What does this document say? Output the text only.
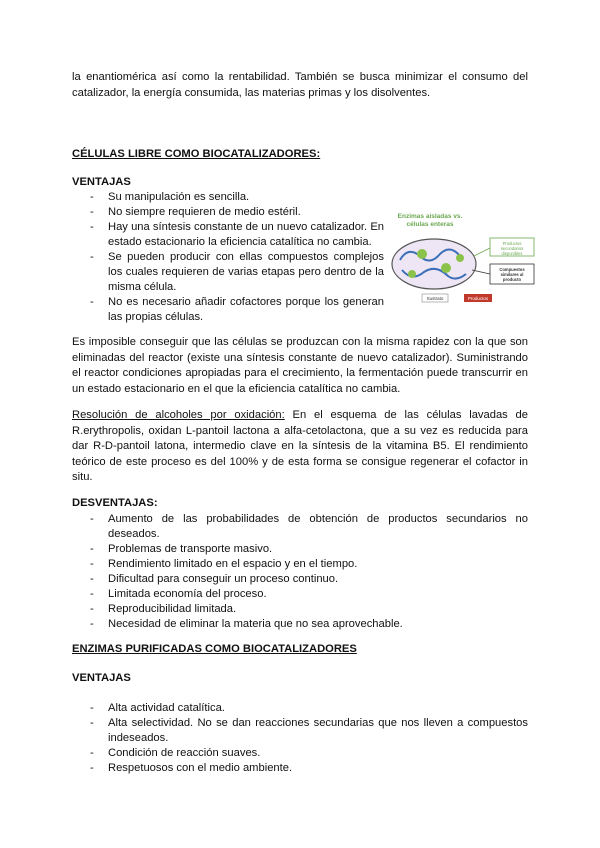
la enantiomérica así como la rentabilidad. También se busca minimizar el consumo del catalizador, la energía consumida, las materias primas y los disolventes.

CÉLULAS LIBRE COMO BIOCATALIZADORES:

VENTAJAS

- Su manipulación es sencilla.
- No siempre requieren de medio estéril.
- Hay una síntesis constante de un nuevo catalizador. En estado estacionario la eficiencia catalítica no cambia.
- Se pueden producir con ellas compuestos complejos los cuales requieren de varias etapas pero dentro de la misma célula.
- No es necesario añadir cofactores porque los generan las propias células.
Enzimas aisladas vs.
células enteras
Productos
secundarios
disponibles
Compuestos
similares al
producto
Sustrato	Productos

Es imposible conseguir que las células se produzcan con la misma rapidez con la que son eliminadas del reactor (existe una síntesis constante de nuevo catalizador). Suministrando el reactor condiciones apropiadas para el crecimiento, la fermentación puede transcurrir en un estado estacionario en el que la eficiencia catalítica no cambia.

Resolución de alcoholes por oxidación: En el esquema de las células lavadas de R.erythropolis, oxidan L-pantoil lactona a alfa-cetolactona, que a su vez es reducida para dar R-D-pantoil latona, intermedio clave en la síntesis de la vitamina B5. El rendimiento teórico de este proceso es del 100% y de esta forma se consigue regenerar el cofactor in situ.

DESVENTAJAS:

- Aumento de las probabilidades de obtención de productos secundarios no deseados.
- Problemas de transporte masivo.
- Rendimiento limitado en el espacio y en el tiempo.
- Dificultad para conseguir un proceso continuo.
- Limitada economía del proceso.
- Reproducibilidad limitada.
- Necesidad de eliminar la materia que no sea aprovechable.

ENZIMAS PURIFICADAS COMO BIOCATALIZADORES

VENTAJAS

- Alta actividad catalítica.
- Alta selectividad. No se dan reacciones secundarias que nos lleven a compuestos indeseados.
- Condición de reacción suaves.
- Respetuosos con el medio ambiente.
